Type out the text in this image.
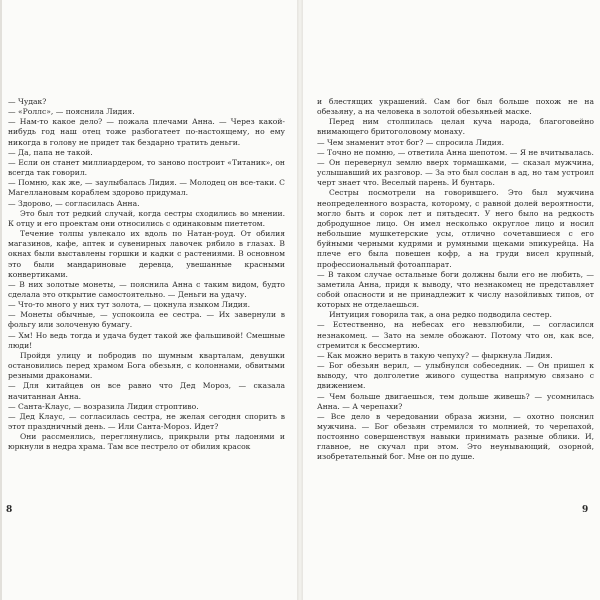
— Чудак?

— «Роллс», — пояснила Лидия.

— Нам-то какое дело? — пожала плечами Анна. — Через какой-нибудь год наш отец тоже разбогатеет по-настоящему, но ему никогда в голову не придет так бездарно тратить деньги.

— Да, папа не такой.

— Если он станет миллиардером, то заново построит «Титаник», он всегда так говорил.

— Помню, как же, — заулыбалась Лидия. — Молодец он все-таки. С Магеллановым кораблем здорово придумал.

— Здорово, — согласилась Анна.

Это был тот редкий случай, когда сестры сходились во мнении. К отцу и его проектам они относились с одинаковым пиететом.

Течение толпы увлекало их вдоль по Натан-роуд. От обилия магазинов, кафе, аптек и сувенирных лавочек рябило в глазах. В окнах были выставлены горшки и кадки с растениями. В основном это были мандариновые деревца, увешанные красными конвертиками.

— В них золотые монеты, — пояснила Анна с таким видом, будто сделала это открытие самостоятельно. — Деньги на удачу.

— Что-то много у них тут золота, — цокнула языком Лидия.

— Монеты обычные, — успокоила ее сестра. — Их завернули в фольгу или золоченую бумагу.

— Хм! Но ведь тогда и удача будет такой же фальшивой! Смешные люди!

Пройдя улицу и побродив по шумным кварталам, девушки остановились перед храмом Бога обезьян, с колоннами, обвитыми резными драконами.

— Для китайцев он все равно что Дед Мороз, — сказала начитанная Анна.

— Санта-Клаус, — возразила Лидия строптиво.

— Дед Клаус, — согласилась сестра, не желая сегодня спорить в этот праздничный день. — Или Санта-Мороз. Идет?

Они рассмеялись, переглянулись, прикрыли рты ладонями и юркнули в недра храма. Там все пестрело от обилия красок

8

и блестящих украшений. Сам бог был больше похож не на обезьяну, а на человека в золотой обезьяньей маске.

Перед ним столпилась целая куча народа, благоговейно внимающего бритоголовому монаху.

— Чем знаменит этот бог? — спросила Лидия.

— Точно не помню, — ответила Анна шепотом. — Я не вчитывалась.

— Он перевернул землю вверх тормашками, — сказал мужчина, услышавший их разговор. — За это был сослан в ад, но там устроил черт знает что. Веселый парень. И бунтарь.

Сестры посмотрели на говорившего. Это был мужчина неопределенного возраста, которому, с равной долей вероятности, могло быть и сорок лет и пятьдесят. У него было на редкость добродушное лицо. Он имел несколько округлое лицо и носил небольшие мушкетерские усы, отлично сочетавшиеся с его буйными черными кудрями и румяными щеками эпикурейца. На плече его была повешен кофр, а на груди висел крупный, профессиональный фотоаппарат.

— В таком случае остальные боги должны были его не любить, — заметила Анна, придя к выводу, что незнакомец не представляет собой опасности и не принадлежит к числу назойливых типов, от которых не отделаешься.

Интуиция говорила так, а она редко подводила сестер.

— Естественно, на небесах его невзлюбили, — согласился незнакомец. — Зато на земле обожают. Потому что он, как все, стремится к бессмертию.

— Как можно верить в такую чепуху? — фыркнула Лидия.

— Бог обезьян верил, — улыбнулся собеседник. — Он пришел к выводу, что долголетие живого существа напрямую связано с движением.

— Чем больше двигаешься, тем дольше живешь? — усомнилась Анна. — А черепахи?

— Все дело в чередовании образа жизни, — охотно пояснил мужчина. — Бог обезьян стремился то молнией, то черепахой, постоянно совершенствуя навыки принимать разные облики. И, главное, не скучал при этом. Это неунывающий, озорной, изобретательный бог. Мне он по душе.

9
